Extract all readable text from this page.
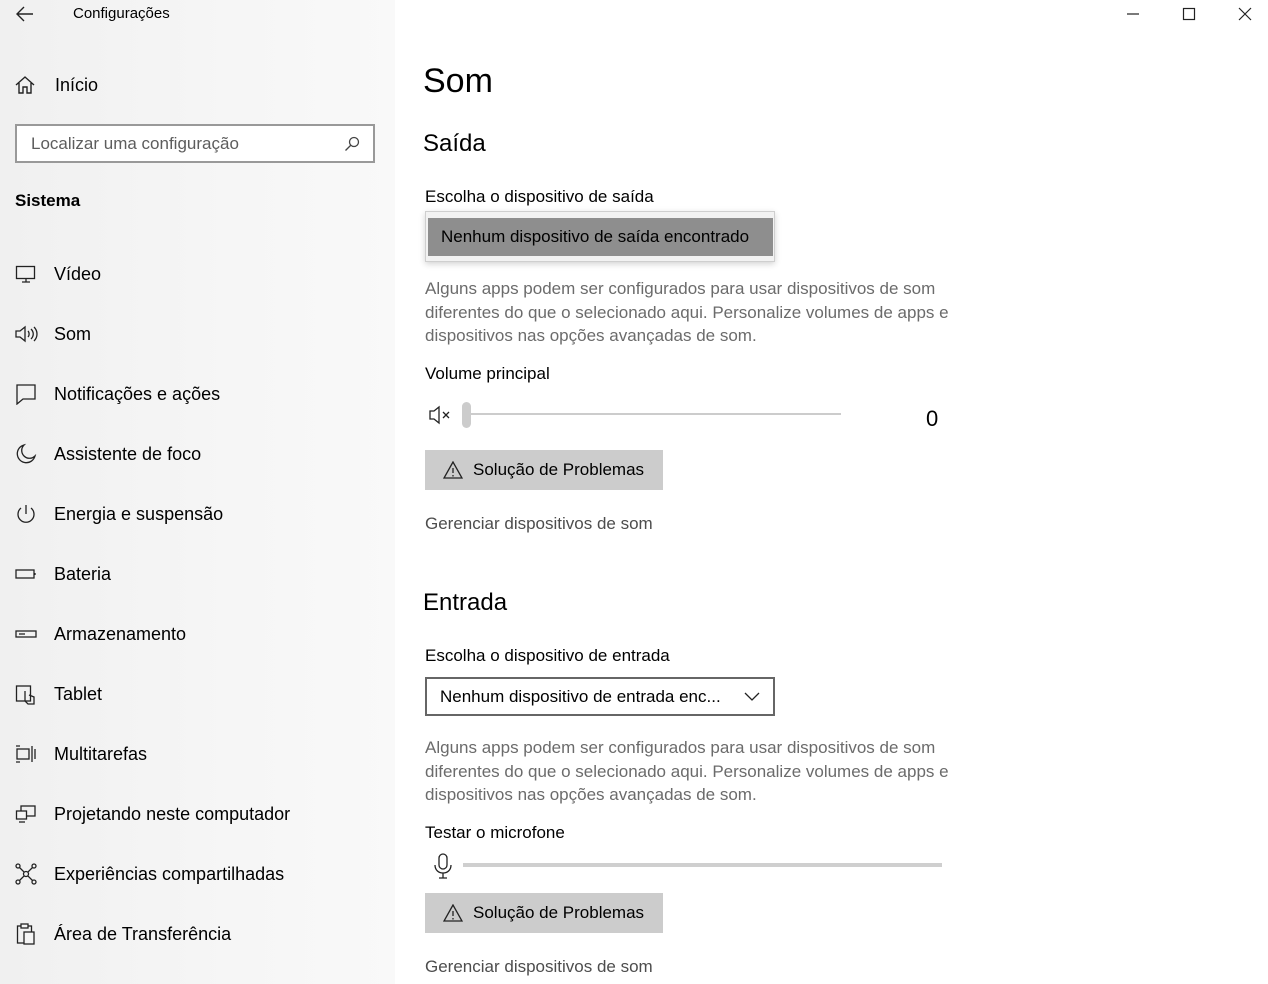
Configurações
Início
Localizar uma configuração
Sistema
Vídeo
Som
Notificações e ações
Assistente de foco
Energia e suspensão
Bateria
Armazenamento
Tablet
Multitarefas
Projetando neste computador
Experiências compartilhadas
Área de Transferência
Som
Saída
Escolha o dispositivo de saída
Nenhum dispositivo de saída encontrado
Alguns apps podem ser configurados para usar dispositivos de som diferentes do que o selecionado aqui. Personalize volumes de apps e dispositivos nas opções avançadas de som.
Volume principal
0
Solução de Problemas
Gerenciar dispositivos de som
Entrada
Escolha o dispositivo de entrada
Nenhum dispositivo de entrada enc...
Alguns apps podem ser configurados para usar dispositivos de som diferentes do que o selecionado aqui. Personalize volumes de apps e dispositivos nas opções avançadas de som.
Testar o microfone
Solução de Problemas
Gerenciar dispositivos de som
